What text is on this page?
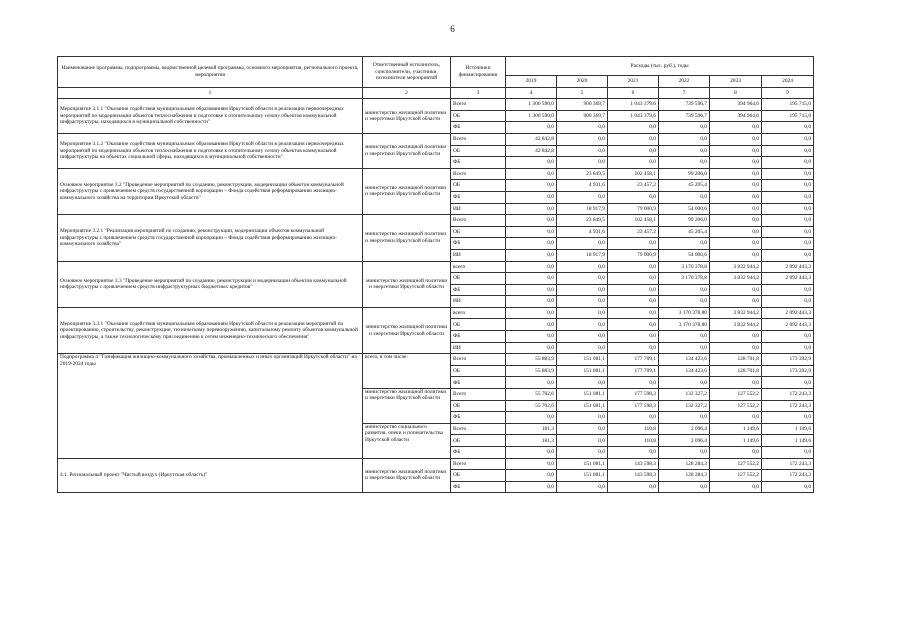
6
Наименование программы, подпрограммы, ведомственной целевой программы, основного мероприятия, регионального проекта, мероприятия	Ответственный исполнитель, соисполнители, участники, исполнители мероприятий	Источники финансирования	Расходы (тыс. руб.), годы					
			2019	2020	2021	2022	2023	2024
1	2	3	4	5	6	7	8	9
Мероприятие 3.1.1 "Оказание содействия муниципальным образованиям Иркутской области в реализации первоочередных мероприятий по модернизации объектов теплоснабжения и подготовке к отопительному сезону объектов коммунальной инфраструктуры, находящихся в муниципальной собственности"	министерство жилищной политики и энергетики Иркутской области	Всего	1 300 590,0	900 369,7	1 043 379,6	739 596,7	394 964,6	195 715,0
		ОБ	1 300 590,0	900 369,7	1 043 379,6	739 596,7	394 964,6	195 715,0
		ФБ	0,0	0,0	0,0	0,0	0,0	0,0
Мероприятие 3.1.2 "Оказание содействия муниципальным образованиям Иркутской области в реализации первоочередных мероприятий по модернизации объектов теплоснабжения и подготовке к отопительному сезону объектов коммунальной инфраструктуры на объектах социальной сферы, находящихся в муниципальной собственности"	министерство жилищной политики и энергетики Иркутской области	Всего	42 842,8	0,0	0,0	0,0	0,0	0,0
		ОБ	42 842,8	0,0	0,0	0,0	0,0	0,0
		ФБ	0,0	0,0	0,0	0,0	0,0	0,0
Основное мероприятие 3.2 "Проведение мероприятий по созданию, реконструкции, модернизации объектов коммунальной инфраструктуры с привлечением средств государственной корпорации – Фонда содействия реформированию жилищно-коммунального хозяйства на территории Иркутской области"	министерство жилищной политики и энергетики Иркутской области	Всего	0,0	23 849,5	102 458,1	99 206,0	0,0	0,0
		ОБ	0,0	4 931,6	23 457,2	45 205,4	0,0	0,0
		ФБ	0,0	0,0	0,0	0,0	0,0	0,0
		ИИ	0,0	18 917,9	79 000,9	54 000,6	0,0	0,0
Мероприятие 3.2.1 "Реализация мероприятий по созданию, реконструкции, модернизации объектов коммунальной инфраструктуры с привлечением средств государственной корпорации – Фонда содействия реформированию жилищно-коммунального хозяйства"	министерство жилищной политики и энергетики Иркутской области	Всего	0,0	23 849,5	102 458,1	99 206,0	0,0	0,0
		ОБ	0,0	4 931,6	23 457,2	45 205,4	0,0	0,0
		ФБ	0,0	0,0	0,0	0,0	0,0	0,0
		ИИ	0,0	18 917,9	79 000,9	54 000,6	0,0	0,0
Основное мероприятие 3.3 "Проведение мероприятий по созданию, реконструкции и модернизации объектов коммунальной инфраструктуры с привлечением средств инфраструктурных бюджетных кредитов"	министерство жилищной политики и энергетики Иркутской области	всего	0,0	0,0	0,0	3 170 378,8	3 832 944,2	2 092 443,3
		ОБ	0,0	0,0	0,0	3 170 378,8	3 832 944,2	2 092 443,3
		ФБ	0,0	0,0	0,0	0,0	0,0	0,0
		ИИ	0,0	0,0	0,0	0,0	0,0	0,0
Мероприятие 3.3.1 "Оказание содействия муниципальным образованиям Иркутской области в реализации мероприятий по проектированию, строительству, реконструкции, техническому перевооружению, капитальному ремонту объектов коммунальной инфраструктуры, а также технологическому присоединению к сетям инженерно-технического обеспечения"	министерство жилищной политики и энергетики Иркутской области	всего	0,0	0,0	0,0	3 170 378,80	3 832 944,2	2 092 443,3
		ОБ	0,0	0,0	0,0	3 170 378,80	3 832 944,2	2 092 443,3
		ФБ	0,0	0,0	0,0	0,0	0,0	0,0
		ИИ	0,0	0,0	0,0	0,0	0,0	0,0
Подпрограмма 4 "Газификация жилищно-коммунального хозяйства, промышленных и иных организаций Иркутской области" на 2019-2024 годы	всего, в том числе:	Всего	55 883,9	151 081,1	177 709,1	134 423,6	128 701,8	173 392,9
		ОБ	55 883,9	151 081,1	177 709,1	134 423,6	128 701,8	173 392,9
		ФБ	0,0	0,0	0,0	0,0	0,0	0,0
	министерство жилищной политики и энергетики Иркутской области	Всего	55 702,6	151 081,1	177 598,3	132 327,2	127 552,2	172 243,3
		ОБ	55 702,6	151 081,1	177 598,3	132 327,2	127 552,2	172 243,3
		ФБ	0,0	0,0	0,0	0,0	0,0	0,0
	министерство социального развития, опеки и попечительства Иркутской области	Всего	181,3	0,0	110,8	2 096,4	1 149,6	1 149,6
		ОБ	181,3	0,0	110,8	2 096,4	1 149,6	1 149,6
		ФБ	0,0	0,0	0,0	0,0	0,0	0,0
4.1. Региональный проект "Чистый воздух (Иркутская область)"	министерство жилищной политики и энергетики Иркутской области	Всего	0,0	151 081,1	143 598,3	128 284,3	127 552,2	172 243,3
		ОБ	0,0	151 081,1	143 598,3	128 284,3	127 552,2	172 243,3
		ФБ	0,0	0,0	0,0	0,0	0,0	0,0
